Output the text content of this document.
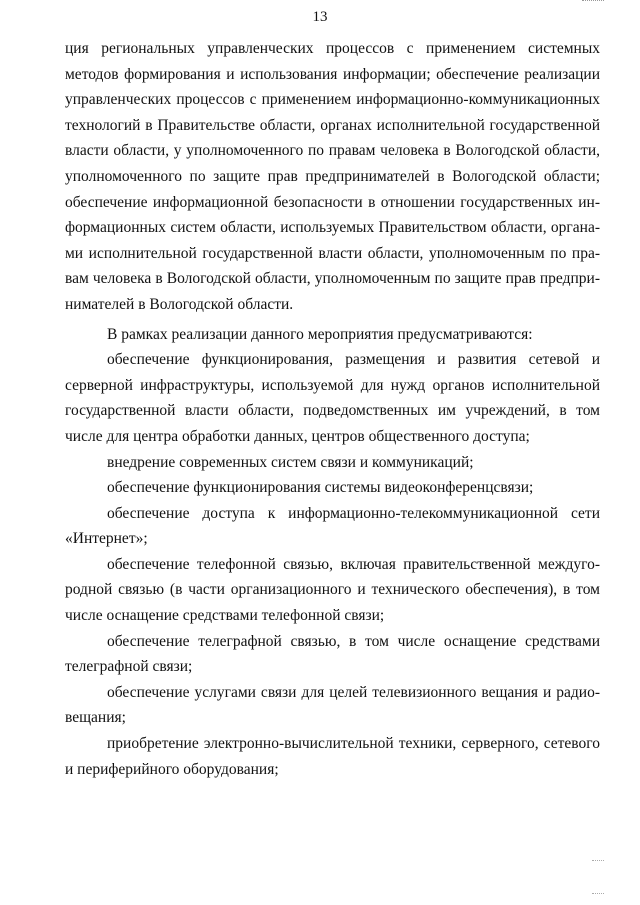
13

ция региональных управленческих процессов с применением системных методов формирования и использования информации; обеспечение реализации управленческих процессов с применением информационно-коммуникационных технологий в Правительстве области, органах исполнительной государственной власти области, у уполномоченного по правам человека в Вологодской области, уполномоченного по защите прав предпринимателей в Вологодской области; обеспечение информационной безопасности в отношении государственных информационных систем области, используемых Правительством области, органами исполнительной государственной власти области, уполномоченным по правам человека в Вологодской области, уполномоченным по защите прав предпринимателей в Вологодской области.

В рамках реализации данного мероприятия предусматриваются:

обеспечение функционирования, размещения и развития сетевой и серверной инфраструктуры, используемой для нужд органов исполнительной государственной власти области, подведомственных им учреждений, в том числе для центра обработки данных, центров общественного доступа;

внедрение современных систем связи и коммуникаций;

обеспечение функционирования системы видеоконференцсвязи;

обеспечение доступа к информационно-телекоммуникационной сети «Интернет»;

обеспечение телефонной связью, включая правительственной междугородной связью (в части организационного и технического обеспечения), в том числе оснащение средствами телефонной связи;

обеспечение телеграфной связью, в том числе оснащение средствами телеграфной связи;

обеспечение услугами связи для целей телевизионного вещания и радиовещания;

приобретение электронно-вычислительной техники, серверного, сетевого и периферийного оборудования;
